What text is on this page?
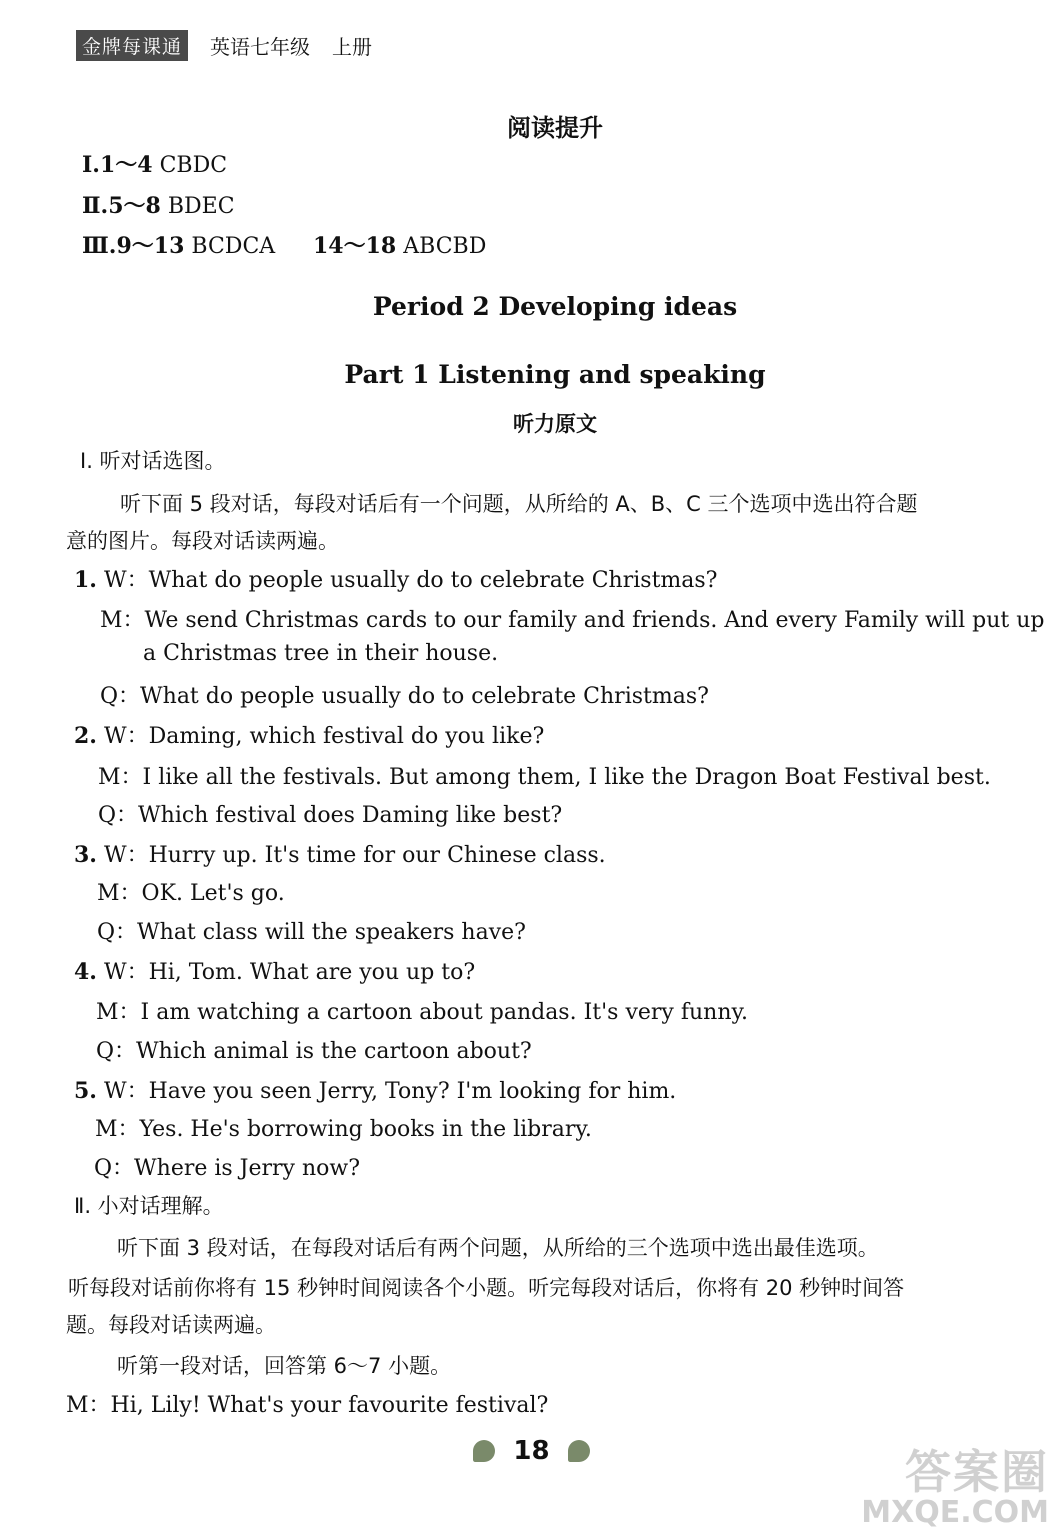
金牌每课通	英语七年级 上册
阅读提升
Ⅰ.1～4 CBDC
Ⅱ.5～8 BDEC
Ⅲ.9～13 BCDCA 14～18 ABCBD
Period 2 Developing ideas
Part 1 Listening and speaking
听力原文
Ⅰ. 听对话选图。
听下面 5 段对话，每段对话后有一个问题，从所给的 A、B、C 三个选项中选出符合题
意的图片。每段对话读两遍。
1. W：What do people usually do to celebrate Christmas?
M：We send Christmas cards to our family and friends. And every Family will put up
a Christmas tree in their house.
Q：What do people usually do to celebrate Christmas?
2. W：Daming, which festival do you like?
M：I like all the festivals. But among them, I like the Dragon Boat Festival best.
Q：Which festival does Daming like best?
3. W：Hurry up. It's time for our Chinese class.
M：OK. Let's go.
Q：What class will the speakers have?
4. W：Hi, Tom. What are you up to?
M：I am watching a cartoon about pandas. It's very funny.
Q：Which animal is the cartoon about?
5. W：Have you seen Jerry, Tony? I'm looking for him.
M：Yes. He's borrowing books in the library.
Q：Where is Jerry now?
Ⅱ. 小对话理解。
听下面 3 段对话，在每段对话后有两个问题，从所给的三个选项中选出最佳选项。
听每段对话前你将有 15 秒钟时间阅读各个小题。听完每段对话后，你将有 20 秒钟时间答
题。每段对话读两遍。
听第一段对话，回答第 6～7 小题。
M：Hi, Lily! What's your favourite festival?
18	答案圈
MXQE.COM
